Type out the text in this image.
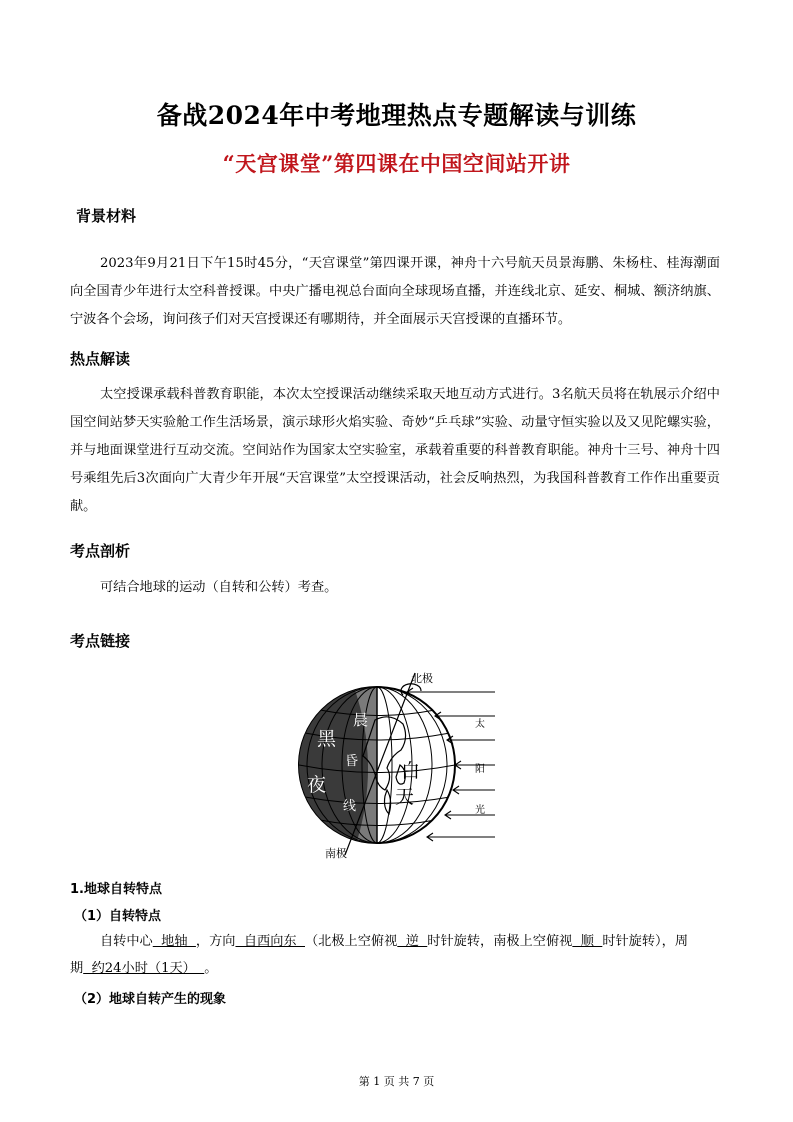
备战2024年中考地理热点专题解读与训练
“天宫课堂”第四课在中国空间站开讲
背景材料
2023年9月21日下午15时45分，“天宫课堂”第四课开课，神舟十六号航天员景海鹏、朱杨柱、桂海潮面向全国青少年进行太空科普授课。中央广播电视总台面向全球现场直播，并连线北京、延安、桐城、额济纳旗、宁波各个会场，询问孩子们对天宫授课还有哪期待，并全面展示天宫授课的直播环节。
热点解读
太空授课承载科普教育职能，本次太空授课活动继续采取天地互动方式进行。3名航天员将在轨展示介绍中国空间站梦天实验舱工作生活场景，演示球形火焰实验、奇妙“乒乓球”实验、动量守恒实验以及又见陀螺实验，并与地面课堂进行互动交流。空间站作为国家太空实验室，承载着重要的科普教育职能。神舟十三号、神舟十四号乘组先后3次面向广大青少年开展“天宫课堂”太空授课活动，社会反响热烈，为我国科普教育工作作出重要贡献。
考点剖析
可结合地球的运动（自转和公转）考查。
考点链接
北极
南极
晨
昏
线
黑
夜
白
天
太
阳
光
1.地球自转特点
（1）自转特点
自转中心  地轴  ，方向  自西向东  （北极上空俯视  逆  时针旋转，南极上空俯视  顺  时针旋转），周
期  约24小时（1天）  。
（2）地球自转产生的现象
第 1 页 共 7 页
